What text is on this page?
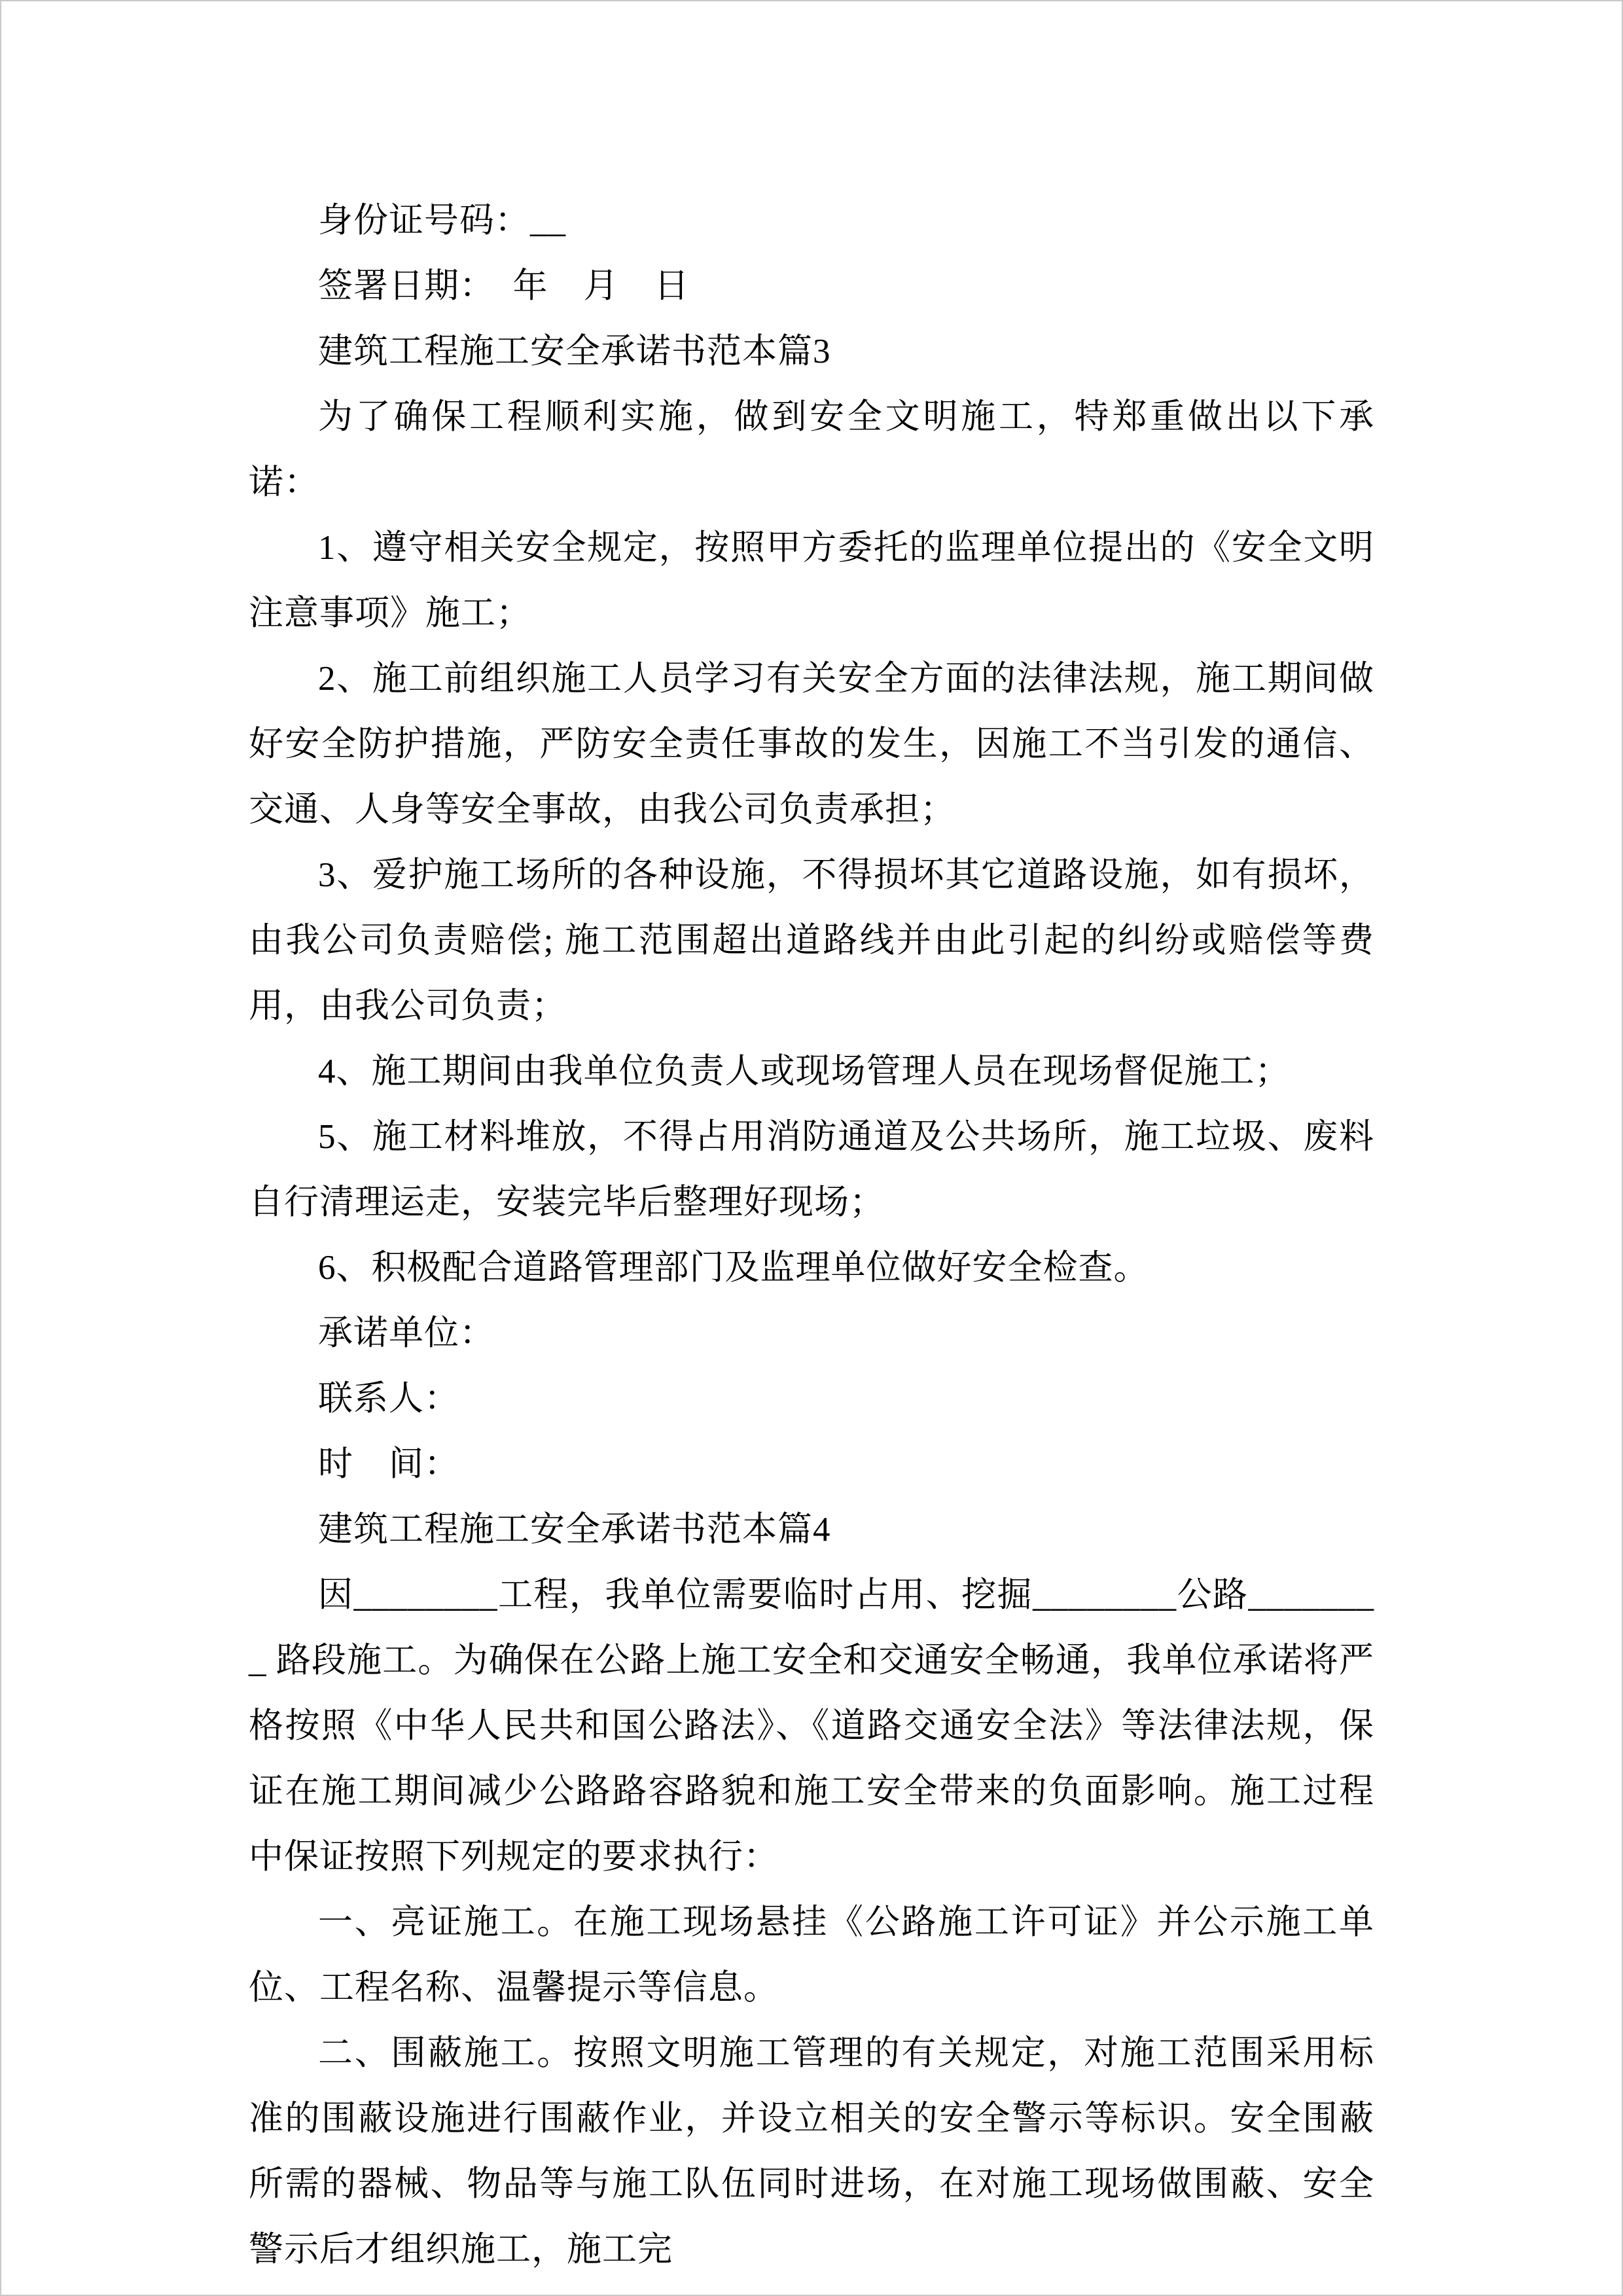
身份证号码：__

签署日期：　年　月　日

建筑工程施工安全承诺书范本篇3

为了确保工程顺利实施，做到安全文明施工，特郑重做出以下承诺：

1、遵守相关安全规定，按照甲方委托的监理单位提出的《安全文明注意事项》施工；

2、施工前组织施工人员学习有关安全方面的法律法规，施工期间做好安全防护措施，严防安全责任事故的发生，因施工不当引发的通信、交通、人身等安全事故，由我公司负责承担；

3、爱护施工场所的各种设施，不得损坏其它道路设施，如有损坏，由我公司负责赔偿; 施工范围超出道路线并由此引起的纠纷或赔偿等费用，由我公司负责；

4、施工期间由我单位负责人或现场管理人员在现场督促施工；

5、施工材料堆放，不得占用消防通道及公共场所，施工垃圾、废料自行清理运走，安装完毕后整理好现场；

6、积极配合道路管理部门及监理单位做好安全检查。

承诺单位：

联系人：

时　间：

建筑工程施工安全承诺书范本篇4

因________工程，我单位需要临时占用、挖掘________公路________ 路段施工。为确保在公路上施工安全和交通安全畅通，我单位承诺将严格按照《中华人民共和国公路法》、《道路交通安全法》等法律法规，保证在施工期间减少公路路容路貌和施工安全带来的负面影响。施工过程中保证按照下列规定的要求执行：

一、亮证施工。在施工现场悬挂《公路施工许可证》并公示施工单位、工程名称、温馨提示等信息。

二、围蔽施工。按照文明施工管理的有关规定，对施工范围采用标准的围蔽设施进行围蔽作业，并设立相关的安全警示等标识。安全围蔽所需的器械、物品等与施工队伍同时进场，在对施工现场做围蔽、安全警示后才组织施工，施工完
